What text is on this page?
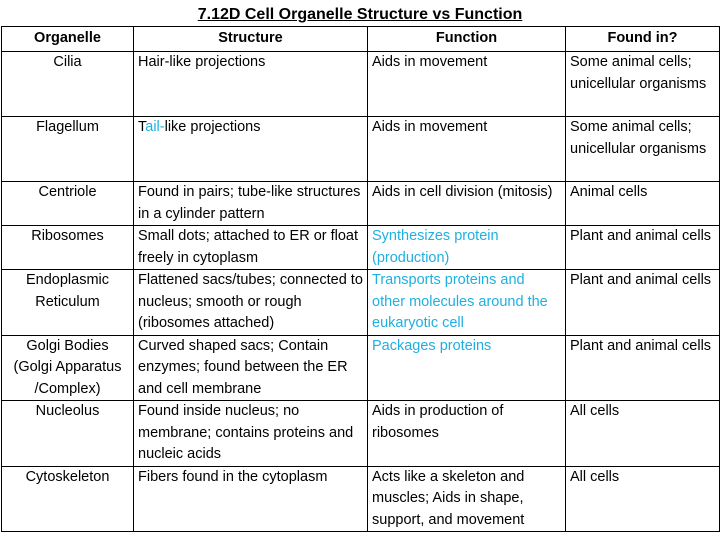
7.12D Cell Organelle Structure vs Function
Organelle	Structure	Function	Found in?
Cilia	Hair-like projections	Aids in movement	Some animal cells; unicellular organisms
Flagellum	Tail-like projections	Aids in movement	Some animal cells; unicellular organisms
Centriole	Found in pairs; tube-like structures in a cylinder pattern	Aids in cell division (mitosis)	Animal cells
Ribosomes	Small dots; attached to ER or float freely in cytoplasm	Synthesizes protein (production)	Plant and animal cells
Endoplasmic Reticulum	Flattened sacs/tubes; connected to nucleus; smooth or rough (ribosomes attached)	Transports proteins and other molecules around the eukaryotic cell	Plant and animal cells
Golgi Bodies (Golgi Apparatus /Complex)	Curved shaped sacs; Contain enzymes; found between the ER and cell membrane	Packages proteins	Plant and animal cells
Nucleolus	Found inside nucleus; no membrane; contains proteins and nucleic acids	Aids in production of ribosomes	All cells
Cytoskeleton	Fibers found in the cytoplasm	Acts like a skeleton and muscles; Aids in shape, support, and movement	All cells
